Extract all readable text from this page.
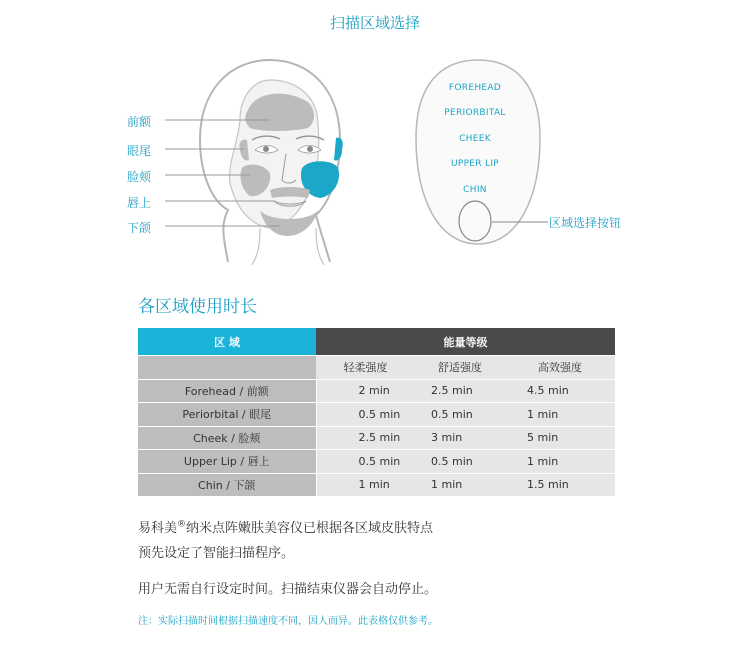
扫描区域选择
前额
眼尾
脸颊
唇上
下颌
FOREHEAD
PERIORBITAL
CHEEK
UPPER LIP
CHIN
区域选择按钮
各区域使用时长
区 域	能量等级		
	轻柔强度	舒适强度	高效强度
Forehead / 前额	2 min	2.5 min	4.5 min
Periorbital / 眼尾	0.5 min	0.5 min	1 min
Cheek / 脸颊	2.5 min	3 min	5 min
Upper Lip / 唇上	0.5 min	0.5 min	1 min
Chin / 下颌	1 min	1 min	1.5 min
易科美®纳米点阵嫩肤美容仪已根据各区域皮肤特点
预先设定了智能扫描程序。
用户无需自行设定时间。扫描结束仪器会自动停止。
注：实际扫描时间根据扫描速度不同，因人而异。此表格仅供参考。
